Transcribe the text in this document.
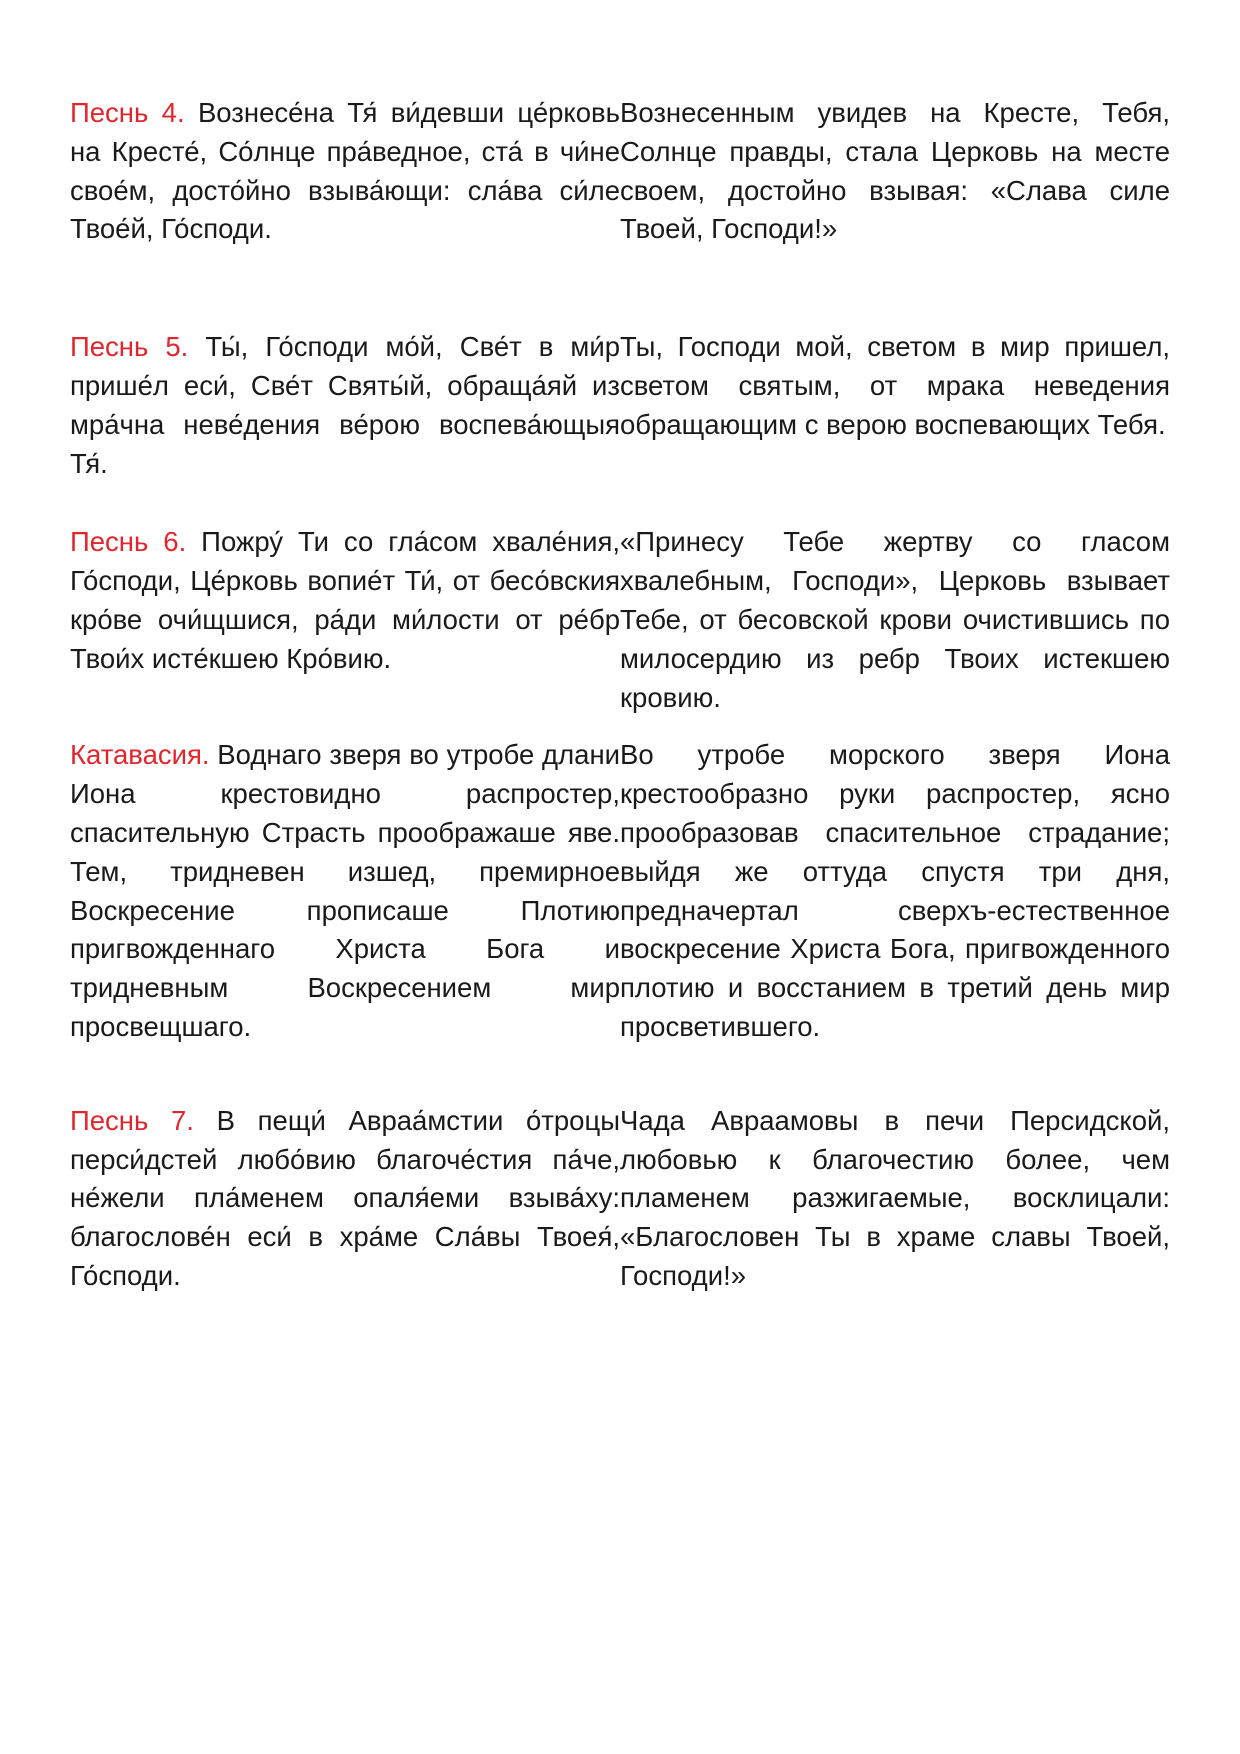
Песнь 4. Вознесе́на Тя́ ви́девши це́рковь на Кресте́, Со́лнце пра́ведное, ста́ в чи́не свое́м, досто́йно взыва́ющи: сла́ва си́ле Твое́й, Го́споди.
Вознесенным увидев на Кресте, Тебя, Солнце правды, стала Церковь на месте своем, достойно взывая: «Слава силе Твоей, Господи!»
Песнь 5. Ты́, Го́споди мо́й, Све́т в ми́р прише́л еси́, Све́т Святы́й, обраща́яй из мра́чна неве́дения ве́рою воспева́ющыя Тя́.
Ты, Господи мой, светом в мир пришел, светом святым, от мрака неведения обращающим с верою воспевающих Тебя.
Песнь 6. Пожру́ Ти со гла́сом хвале́ния, Го́споди, Це́рковь вопие́т Ти́, от бесо́вския кро́ве очи́щшися, ра́ди ми́лости от ре́бр Твои́х исте́кшею Кро́вию.
«Принесу Тебе жертву со гласом хвалебным, Господи», Церковь взывает Тебе, от бесовской крови очистившись по милосердию из ребр Твоих истекшею кровию.
Катавасия. Воднаго зверя во утробе длани Иона крестовидно распростер, спасительную Страсть проображаше яве. Тем, тридневен изшед, премирное Воскресение прописаше Плотию пригвожденнаго Христа Бога и тридневным Воскресением мир просвещшаго.
Во утробе морского зверя Иона крестообразно руки распростер, ясно прообразовав спасительное страдание; выйдя же оттуда спустя три дня, предначертал сверхъ-естественное воскресение Христа Бога, пригвожденного плотию и восстанием в третий день мир просветившего.
Песнь 7. В пещи́ Авраа́мстии о́троцы перси́дстей любо́вию благоче́стия па́че, не́жели пла́менем опаля́еми взыва́ху: благослове́н еси́ в хра́ме Сла́вы Твоея́, Го́споди.
Чада Авраамовы в печи Персидской, любовью к благочестию более, чем пламенем разжигаемые, восклицали: «Благословен Ты в храме славы Твоей, Господи!»
